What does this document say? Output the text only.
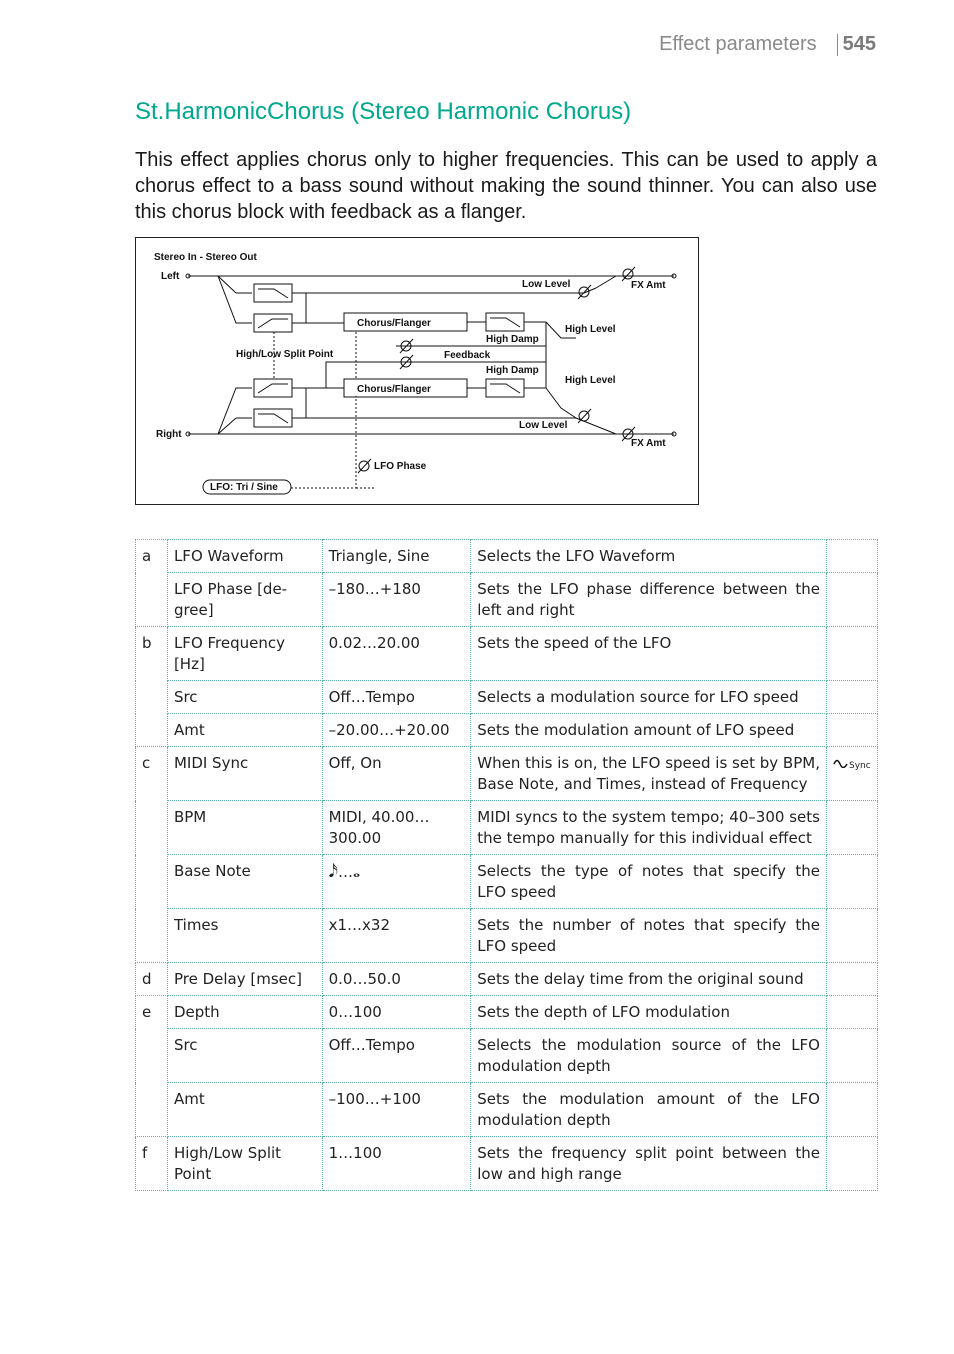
Effect parameters 545
St.HarmonicChorus (Stereo Harmonic Chorus)

This effect applies chorus only to higher frequencies. This can be used to apply a chorus effect to a bass sound without making the sound thinner. You can also use this chorus block with feedback as a flanger.

Stereo In - Stereo Out
Left
Right
Low Level	FX Amt
Chorus/Flanger
High Damp
High Level
High/Low Split Point	Feedback
High Damp
High Level
Chorus/Flanger
Low Level
FX Amt
LFO Phase
LFO: Tri / Sine
a	LFO Waveform	Triangle, Sine	Selects the LFO Waveform	
	LFO Phase [de-gree]	–180…+180	Sets the LFO phase difference between the left and right	
b	LFO Frequency [Hz]	0.02…20.00	Sets the speed of the LFO	
	Src	Off…Tempo	Selects a modulation source for LFO speed	
	Amt	–20.00…+20.00	Sets the modulation amount of LFO speed	
c	MIDI Sync	Off, On	When this is on, the LFO speed is set by BPM, Base Note, and Times, instead of Frequency	Sync

	BPM	MIDI, 40.00… 300.00	MIDI syncs to the system tempo; 40–300 sets the tempo manually for this individual effect	
	Base Note	𝅘𝅥𝅯…𝅝	Selects the type of notes that specify the LFO speed	
	Times	x1…x32	Sets the number of notes that specify the LFO speed	
d	Pre Delay [msec]	0.0…50.0	Sets the delay time from the original sound	
e	Depth	0…100	Sets the depth of LFO modulation	
	Src	Off…Tempo	Selects the modulation source of the LFO modulation depth	
	Amt	–100…+100	Sets the modulation amount of the LFO modulation depth	
f	High/Low Split Point	1…100	Sets the frequency split point between the low and high range	
